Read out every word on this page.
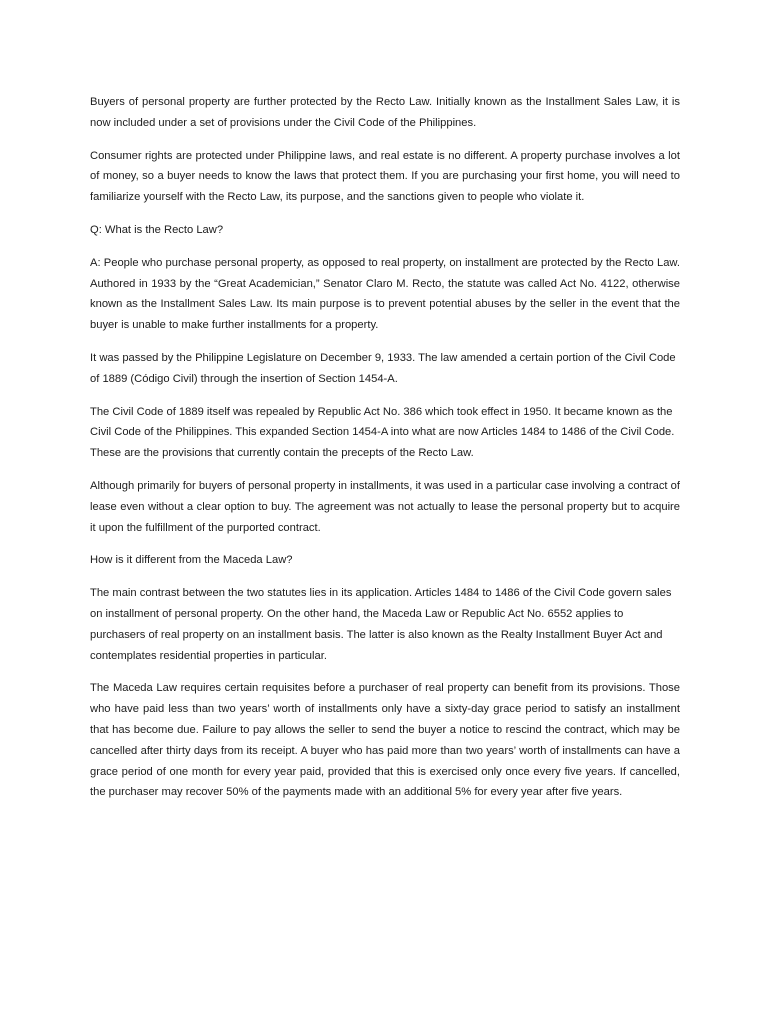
Buyers of personal property are further protected by the Recto Law. Initially known as the Installment Sales Law, it is now included under a set of provisions under the Civil Code of the Philippines.

Consumer rights are protected under Philippine laws, and real estate is no different. A property purchase involves a lot of money, so a buyer needs to know the laws that protect them. If you are purchasing your first home, you will need to familiarize yourself with the Recto Law, its purpose, and the sanctions given to people who violate it.

Q: What is the Recto Law?

A: People who purchase personal property, as opposed to real property, on installment are protected by the Recto Law. Authored in 1933 by the “Great Academician,” Senator Claro M. Recto, the statute was called Act No. 4122, otherwise known as the Installment Sales Law. Its main purpose is to prevent potential abuses by the seller in the event that the buyer is unable to make further installments for a property.

It was passed by the Philippine Legislature on December 9, 1933. The law amended a certain portion of the Civil Code of 1889 (Código Civil) through the insertion of Section 1454-A.

The Civil Code of 1889 itself was repealed by Republic Act No. 386 which took effect in 1950. It became known as the Civil Code of the Philippines. This expanded Section 1454-A into what are now Articles 1484 to 1486 of the Civil Code. These are the provisions that currently contain the precepts of the Recto Law.

Although primarily for buyers of personal property in installments, it was used in a particular case involving a contract of lease even without a clear option to buy. The agreement was not actually to lease the personal property but to acquire it upon the fulfillment of the purported contract.

How is it different from the Maceda Law?

The main contrast between the two statutes lies in its application. Articles 1484 to 1486 of the Civil Code govern sales on installment of personal property. On the other hand, the Maceda Law or Republic Act No. 6552 applies to purchasers of real property on an installment basis. The latter is also known as the Realty Installment Buyer Act and contemplates residential properties in particular.

The Maceda Law requires certain requisites before a purchaser of real property can benefit from its provisions. Those who have paid less than two years’ worth of installments only have a sixty-day grace period to satisfy an installment that has become due. Failure to pay allows the seller to send the buyer a notice to rescind the contract, which may be cancelled after thirty days from its receipt. A buyer who has paid more than two years’ worth of installments can have a grace period of one month for every year paid, provided that this is exercised only once every five years. If cancelled, the purchaser may recover 50% of the payments made with an additional 5% for every year after five years.
